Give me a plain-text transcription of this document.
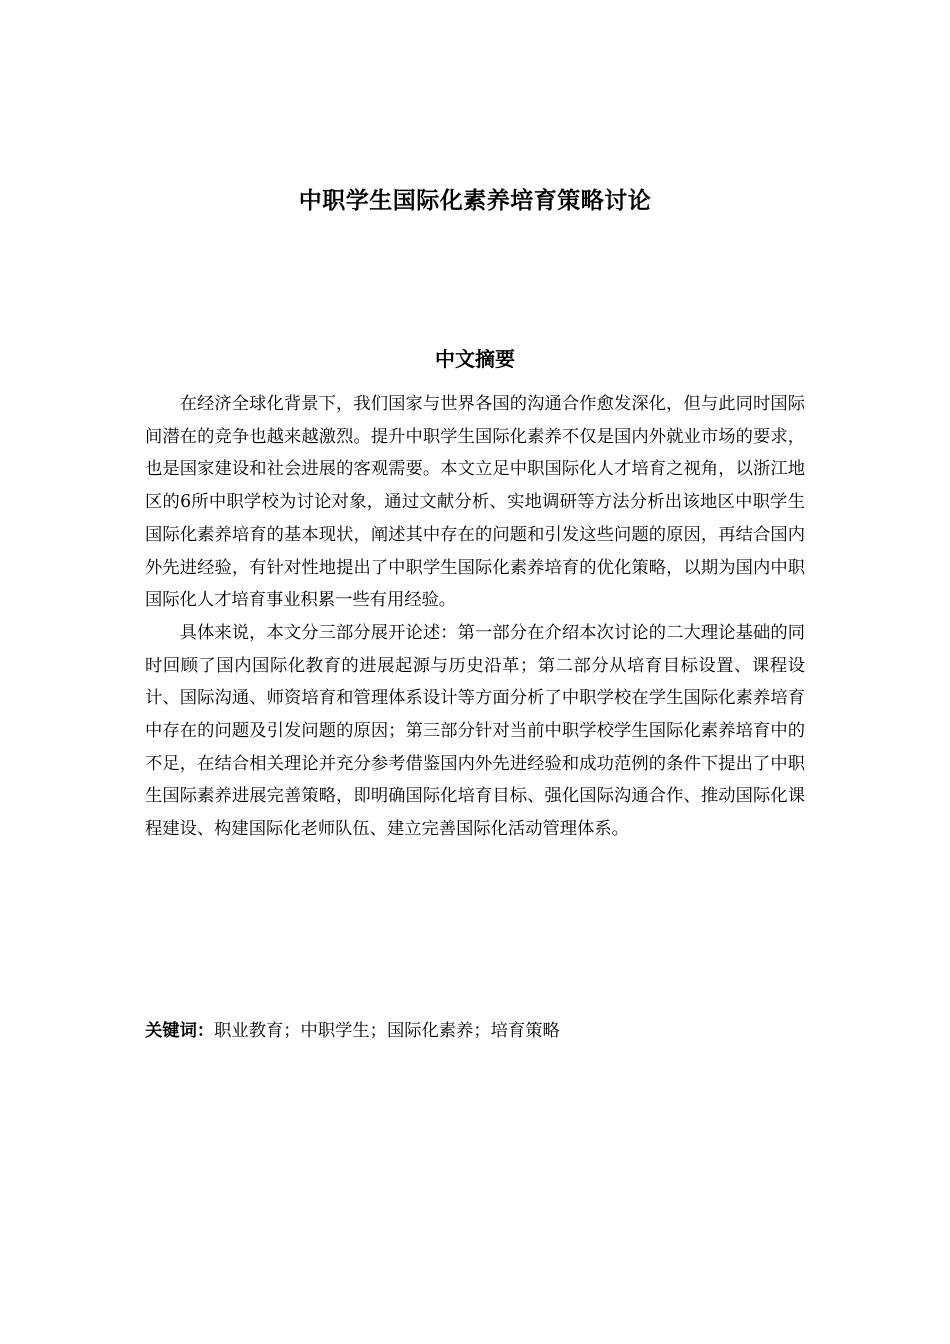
中职学生国际化素养培育策略讨论
中文摘要

在经济全球化背景下，我们国家与世界各国的沟通合作愈发深化，但与此同时国际间潜在的竞争也越来越激烈。提升中职学生国际化素养不仅是国内外就业市场的要求，也是国家建设和社会进展的客观需要。本文立足中职国际化人才培育之视角，以浙江地区的6所中职学校为讨论对象，通过文献分析、实地调研等方法分析出该地区中职学生国际化素养培育的基本现状，阐述其中存在的问题和引发这些问题的原因，再结合国内外先进经验，有针对性地提出了中职学生国际化素养培育的优化策略，以期为国内中职国际化人才培育事业积累一些有用经验。

具体来说，本文分三部分展开论述：第一部分在介绍本次讨论的二大理论基础的同时回顾了国内国际化教育的进展起源与历史沿革；第二部分从培育目标设置、课程设计、国际沟通、师资培育和管理体系设计等方面分析了中职学校在学生国际化素养培育中存在的问题及引发问题的原因；第三部分针对当前中职学校学生国际化素养培育中的不足，在结合相关理论并充分参考借鉴国内外先进经验和成功范例的条件下提出了中职生国际素养进展完善策略，即明确国际化培育目标、强化国际沟通合作、推动国际化课程建设、构建国际化老师队伍、建立完善国际化活动管理体系。

关键词：职业教育；中职学生；国际化素养；培育策略
